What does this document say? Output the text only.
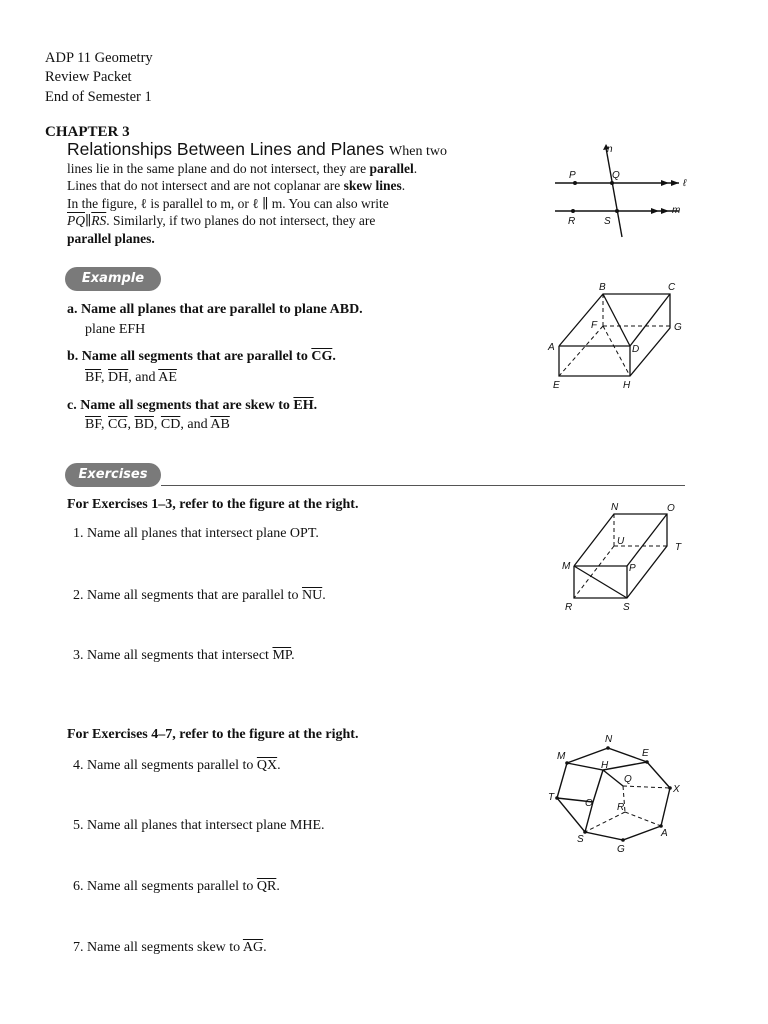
ADP 11 Geometry
Review Packet
End of Semester 1
CHAPTER 3
Relationships Between Lines and Planes When two
lines lie in the same plane and do not intersect, they are parallel.
Lines that do not intersect and are not coplanar are skew lines.
In the figure, ℓ is parallel to m, or ℓ ∥ m. You can also write
$\overline{PQ}\parallel\overline{RS}$. Similarly, if two planes do not intersect, they are
parallel planes.
n
P	Q
ℓ
R	S
m
Example
a. Name all planes that are parallel to plane ABD.
plane EFH
b. Name all segments that are parallel to $\overline{CG}$.
$\overline{BF}$, $\overline{DH}$, and $\overline{AE}$
c. Name all segments that are skew to $\overline{EH}$.
$\overline{BF}$, $\overline{CG}$, $\overline{BD}$, $\overline{CD}$, and $\overline{AB}$
B	C
F	G
A	D
E	H
Exercises
For Exercises 1–3, refer to the figure at the right.
1. Name all planes that intersect plane OPT.
2. Name all segments that are parallel to $\overline{NU}$.
3. Name all segments that intersect $\overline{MP}$.
N	O
U
T
M	P
R	S
For Exercises 4–7, refer to the figure at the right.
4. Name all segments parallel to $\overline{QX}$.
5. Name all planes that intersect plane MHE.
6. Name all segments parallel to $\overline{QR}$.
7. Name all segments skew to $\overline{AG}$.
N
M	E
H
Q
X
T
O R
S
A
G
